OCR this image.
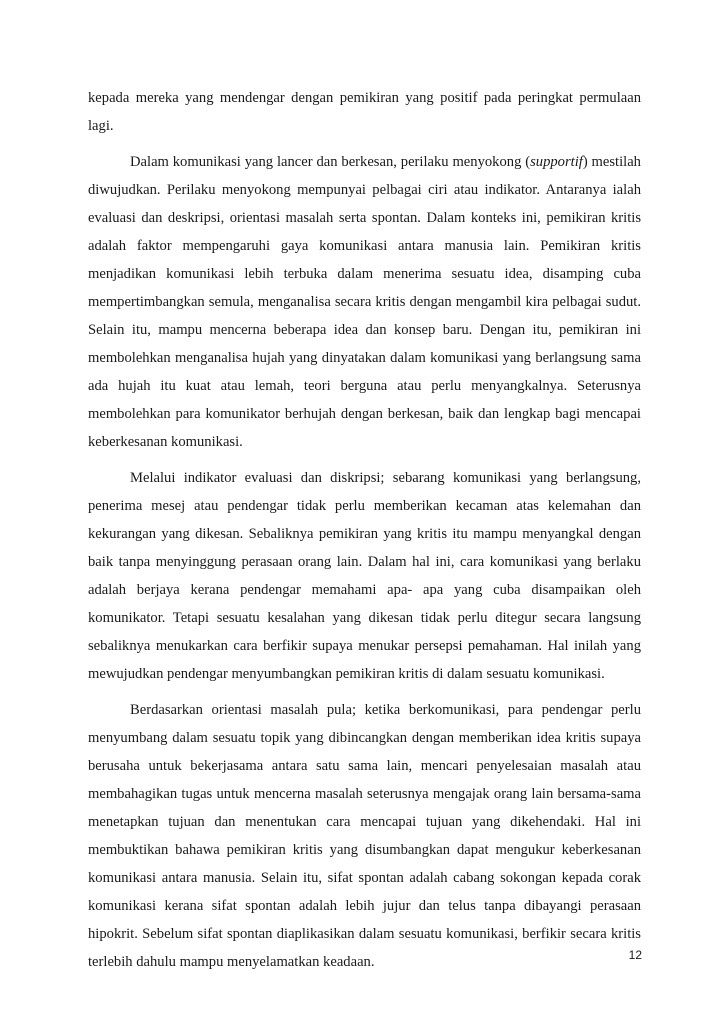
kepada mereka yang mendengar dengan pemikiran yang positif pada peringkat permulaan lagi.

Dalam komunikasi yang lancer dan berkesan, perilaku menyokong (supportif) mestilah diwujudkan. Perilaku menyokong mempunyai pelbagai ciri atau indikator. Antaranya ialah evaluasi dan deskripsi, orientasi masalah serta spontan. Dalam konteks ini, pemikiran kritis adalah faktor mempengaruhi gaya komunikasi antara manusia lain. Pemikiran kritis menjadikan komunikasi lebih terbuka dalam menerima sesuatu idea, disamping cuba mempertimbangkan semula, menganalisa secara kritis dengan mengambil kira pelbagai sudut. Selain itu, mampu mencerna beberapa idea dan konsep baru. Dengan itu, pemikiran ini membolehkan menganalisa hujah yang dinyatakan dalam komunikasi yang berlangsung sama ada hujah itu kuat atau lemah, teori berguna atau perlu menyangkalnya. Seterusnya membolehkan para komunikator berhujah dengan berkesan, baik dan lengkap bagi mencapai keberkesanan komunikasi.

Melalui indikator evaluasi dan diskripsi; sebarang komunikasi yang berlangsung, penerima mesej atau pendengar tidak perlu memberikan kecaman atas kelemahan dan kekurangan yang dikesan. Sebaliknya pemikiran yang kritis itu mampu menyangkal dengan baik tanpa menyinggung perasaan orang lain. Dalam hal ini, cara komunikasi yang berlaku adalah berjaya kerana pendengar memahami apa- apa yang cuba disampaikan oleh komunikator. Tetapi sesuatu kesalahan yang dikesan tidak perlu ditegur secara langsung sebaliknya menukarkan cara berfikir supaya menukar persepsi pemahaman. Hal inilah yang mewujudkan pendengar menyumbangkan pemikiran kritis di dalam sesuatu komunikasi.

Berdasarkan orientasi masalah pula; ketika berkomunikasi, para pendengar perlu menyumbang dalam sesuatu topik yang dibincangkan dengan memberikan idea kritis supaya berusaha untuk bekerjasama antara satu sama lain, mencari penyelesaian masalah atau membahagikan tugas untuk mencerna masalah seterusnya mengajak orang lain bersama-sama menetapkan tujuan dan menentukan cara mencapai tujuan yang dikehendaki. Hal ini membuktikan bahawa pemikiran kritis yang disumbangkan dapat mengukur keberkesanan komunikasi antara manusia. Selain itu, sifat spontan adalah cabang sokongan kepada corak komunikasi kerana sifat spontan adalah lebih jujur dan telus tanpa dibayangi perasaan hipokrit. Sebelum sifat spontan diaplikasikan dalam sesuatu komunikasi, berfikir secara kritis terlebih dahulu mampu menyelamatkan keadaan.	12
